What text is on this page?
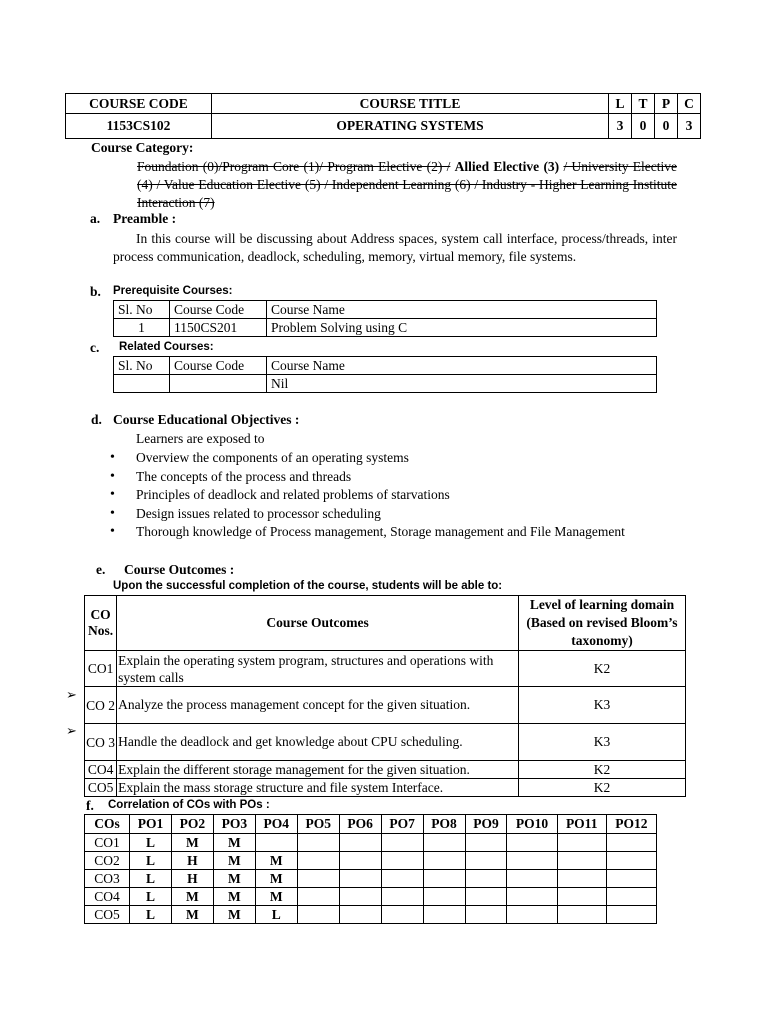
COURSE CODE	COURSE TITLE	L	T	P	C
1153CS102	OPERATING SYSTEMS	3	0	0	3
Course Category:
Foundation (0)/Program Core (1)/ Program Elective (2) / Allied Elective (3) / University Elective (4) / Value Education Elective (5) / Independent Learning (6) / Industry - Higher Learning Institute Interaction (7)
a. Preamble :
In this course will be discussing about Address spaces, system call interface, process/threads, inter process communication, deadlock, scheduling, memory, virtual memory, file systems.
b. Prerequisite Courses:
Sl. No	Course Code	Course Name
1	1150CS201	Problem Solving using C
c. Related Courses:
Sl. No	Course Code	Course Name
		Nil
d. Course Educational Objectives :
Learners are exposed to
• Overview the components of an operating systems
• The concepts of the process and threads
• Principles of deadlock and related problems of starvations
• Design issues related to processor scheduling
• Thorough knowledge of Process management, Storage management and File Management
e. Course Outcomes :
Upon the successful completion of the course, students will be able to:
➢
➢
CO Nos.	Course Outcomes	Level of learning domain (Based on revised Bloom’s taxonomy)
CO1	Explain the operating system program, structures and operations with system calls	K2
CO 2	Analyze the process management concept for the given situation.	K3
CO 3	Handle the deadlock and get knowledge about CPU scheduling.	K3
CO4	Explain the different storage management for the given situation.	K2
CO5	Explain the mass storage structure and file system Interface.	K2
f. Correlation of COs with POs :
COs	PO1	PO2	PO3	PO4	PO5	PO6	PO7	PO8	PO9	PO10	PO11	PO12
CO1	L	M	M									
CO2	L	H	M	M								
CO3	L	H	M	M								
CO4	L	M	M	M								
CO5	L	M	M	L								
